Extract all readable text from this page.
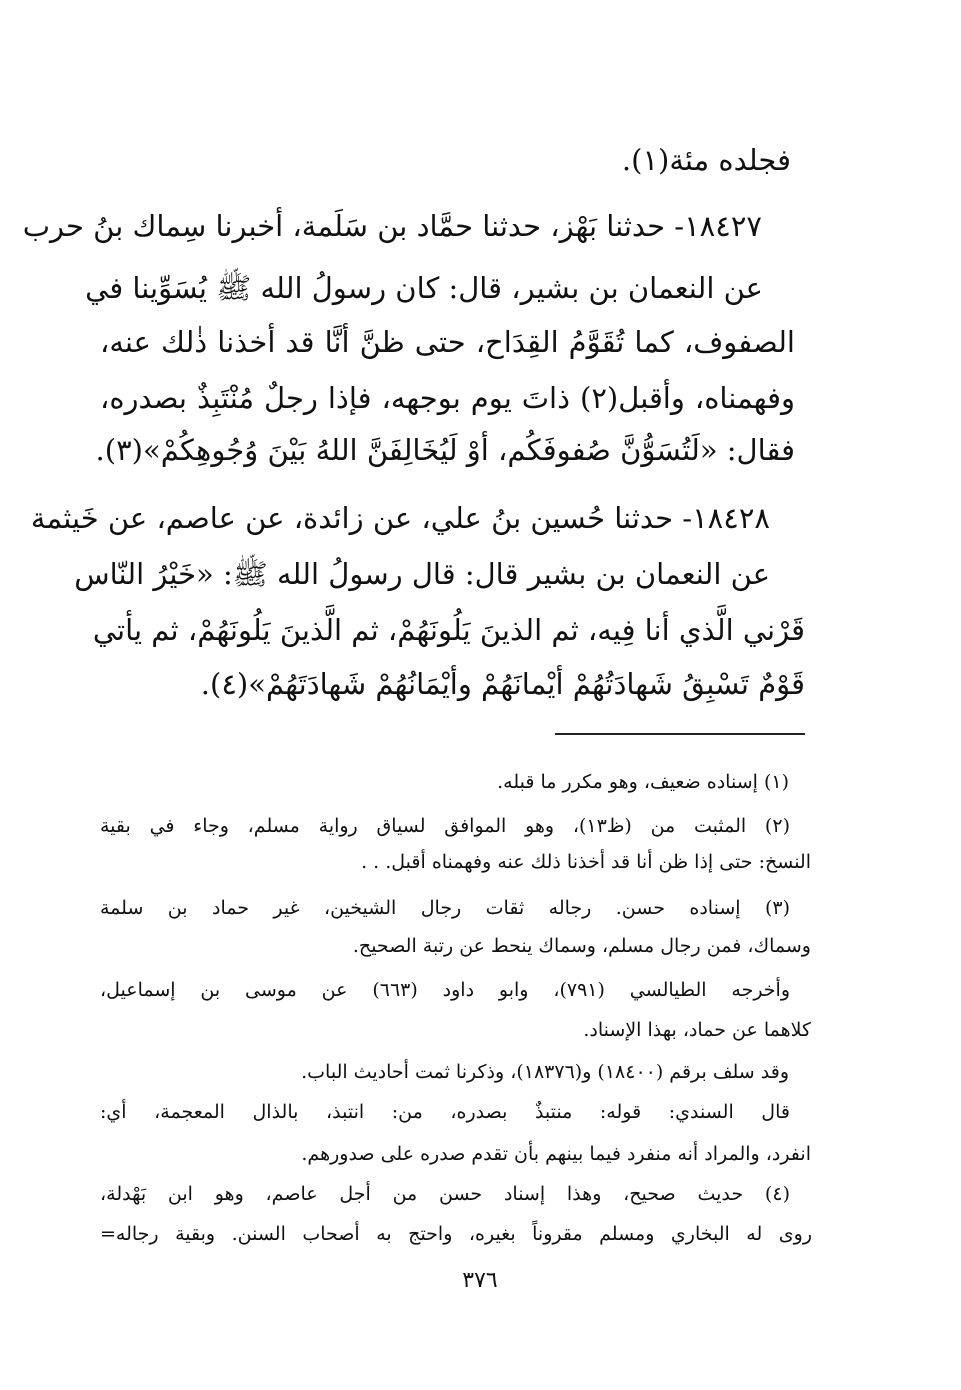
فجلده مئة(١).
١٨٤٢٧- حدثنا بَهْز، حدثنا حمَّاد بن سَلَمة، أخبرنا سِماك بنُ حرب
عن النعمان بن بشير، قال: كان رسولُ الله ﷺ يُسَوِّينا في
الصفوف، كما تُقَوَّمُ القِدَاح، حتى ظنَّ أنَّا قد أخذنا ذٰلك عنه،
وفهمناه، وأقبل(٢) ذاتَ يوم بوجهه، فإذا رجلٌ مُنْتَبِذٌ بصدره،
فقال: «لَتُسَوُّنَّ صُفوفَكُم، أوْ لَيُخَالِفَنَّ اللهُ بَيْنَ وُجُوهِكُمْ»(٣).
١٨٤٢٨- حدثنا حُسين بنُ علي، عن زائدة، عن عاصم، عن خَيثمة
عن النعمان بن بشير قال: قال رسولُ الله ﷺ: «خَيْرُ النّاس
قَرْني الَّذي أنا فِيه، ثم الذينَ يَلُونَهُمْ، ثم الَّذينَ يَلُونَهُمْ، ثم يأتي
قَوْمٌ تَسْبِقُ شَهادَتُهُمْ أيْمانَهُمْ وأيْمَانُهُمْ شَهادَتَهُمْ»(٤).
(١) إسناده ضعيف، وهو مكرر ما قبله.
(٢) المثبت من (ظ١٣)، وهو الموافق لسياق رواية مسلم، وجاء في بقية
النسخ: حتى إذا ظن أنا قد أخذنا ذلك عنه وفهمناه أقبل. . .
(٣) إسناده حسن. رجاله ثقات رجال الشيخين، غير حماد بن سلمة
وسماك، فمن رجال مسلم، وسماك ينحط عن رتبة الصحيح.
وأخرجه الطيالسي (٧٩١)، وابو داود (٦٦٣) عن موسى بن إسماعيل،
كلاهما عن حماد، بهذا الإسناد.
وقد سلف برقم (١٨٤٠٠) و(١٨٣٧٦)، وذكرنا ثمت أحاديث الباب.
قال السندي: قوله: منتبذٌ بصدره، من: انتبذ، بالذال المعجمة، أي:
انفرد، والمراد أنه منفرد فيما بينهم بأن تقدم صدره على صدورهم.
(٤) حديث صحيح، وهذا إسناد حسن من أجل عاصم، وهو ابن بَهْدلة،
روى له البخاري ومسلم مقروناً بغيره، واحتج به أصحاب السنن. وبقية رجاله=
٣٧٦
